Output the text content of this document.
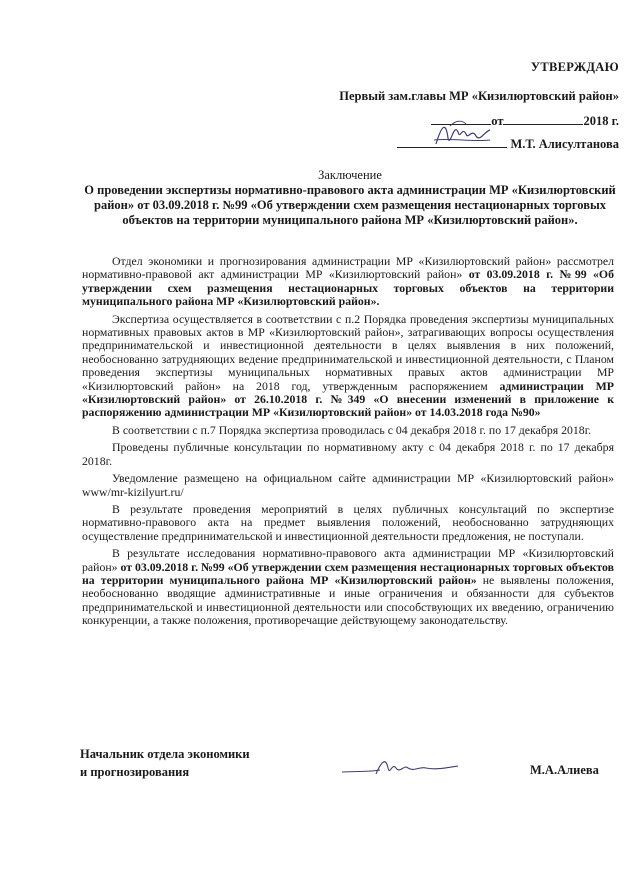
УТВЕРЖДАЮ
Первый зам.главы МР «Кизилюртовский район»
от	2018 г.
М.Т. Алисултанова
Заключение
О проведении экспертизы нормативно-правового акта администрации МР «Кизилюртовский район» от 03.09.2018 г. №99 «Об утверждении схем размещения нестационарных торговых объектов на территории муниципального района МР «Кизилюртовский район».

Отдел экономики и прогнозирования администрации МР «Кизилюртовский район» рассмотрел нормативно-правовой акт администрации МР «Кизилюртовский район» от 03.09.2018 г. №99 «Об утверждении схем размещения нестационарных торговых объектов на территории муниципального района МР «Кизилюртовский район».

Экспертиза осуществляется в соответствии с п.2 Порядка проведения экспертизы муниципальных нормативных правовых актов в МР «Кизилюртовский район», затрагивающих вопросы осуществления предпринимательской и инвестиционной деятельности в целях выявления в них положений, необоснованно затрудняющих ведение предпринимательской и инвестиционной деятельности, с Планом проведения экспертизы муниципальных нормативных правых актов администрации МР «Кизилюртовский район» на 2018 год, утвержденным распоряжением администрации МР «Кизилюртовский район» от 26.10.2018 г. №349 «О внесении изменений в приложение к распоряжению администрации МР «Кизилюртовский район» от 14.03.2018 года №90»

В соответствии с п.7 Порядка экспертиза проводилась с 04 декабря 2018 г. по 17 декабря 2018г.

Проведены публичные консультации по нормативному акту с 04 декабря 2018 г. по 17 декабря 2018г.

Уведомление размещено на официальном сайте администрации МР «Кизилюртовский район» www/mr-kizilyurt.ru/

В результате проведения мероприятий в целях публичных консультаций по экспертизе нормативно-правового акта на предмет выявления положений, необоснованно затрудняющих осуществление предпринимательской и инвестиционной деятельности предложения, не поступали.

В результате исследования нормативно-правового акта администрации МР «Кизилюртовский район» от 03.09.2018 г. №99 «Об утверждении схем размещения нестационарных торговых объектов на территории муниципального района МР «Кизилюртовский район» не выявлены положения, необоснованно вводящие административные и иные ограничения и обязанности для субъектов предпринимательской и инвестиционной деятельности или способствующих их введению, ограничению конкуренции, а также положения, противоречащие действующему законодательству.

Начальник отдела экономики
и прогнозирования	М.А.Алиева
